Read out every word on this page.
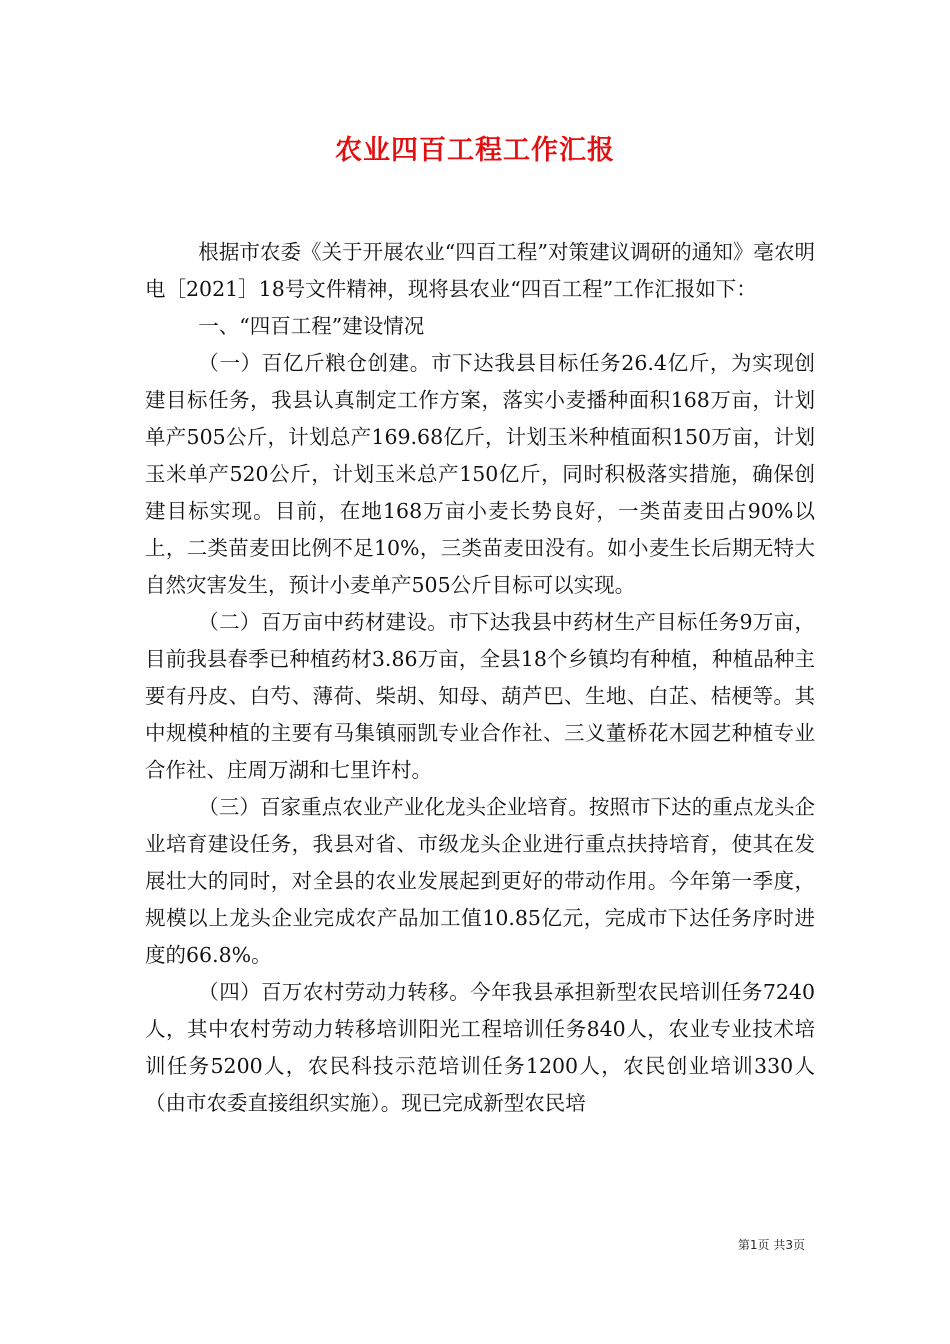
农业四百工程工作汇报

根据市农委《关于开展农业“四百工程”对策建议调研的通知》亳农明电［2021］18号文件精神，现将县农业“四百工程”工作汇报如下：

一、“四百工程”建设情况

（一）百亿斤粮仓创建。市下达我县目标任务26.4亿斤，为实现创建目标任务，我县认真制定工作方案，落实小麦播种面积168万亩，计划单产505公斤，计划总产169.68亿斤，计划玉米种植面积150万亩，计划玉米单产520公斤，计划玉米总产150亿斤，同时积极落实措施，确保创建目标实现。目前，在地168万亩小麦长势良好，一类苗麦田占90%以上，二类苗麦田比例不足10%，三类苗麦田没有。如小麦生长后期无特大自然灾害发生，预计小麦单产505公斤目标可以实现。

（二）百万亩中药材建设。市下达我县中药材生产目标任务9万亩，目前我县春季已种植药材3.86万亩，全县18个乡镇均有种植，种植品种主要有丹皮、白芍、薄荷、柴胡、知母、葫芦巴、生地、白芷、桔梗等。其中规模种植的主要有马集镇丽凯专业合作社、三义董桥花木园艺种植专业合作社、庄周万湖和七里许村。

（三）百家重点农业产业化龙头企业培育。按照市下达的重点龙头企业培育建设任务，我县对省、市级龙头企业进行重点扶持培育，使其在发展壮大的同时，对全县的农业发展起到更好的带动作用。今年第一季度，规模以上龙头企业完成农产品加工值10.85亿元，完成市下达任务序时进度的66.8%。

（四）百万农村劳动力转移。今年我县承担新型农民培训任务7240人，其中农村劳动力转移培训阳光工程培训任务840人，农业专业技术培训任务5200人，农民科技示范培训任务1200人，农民创业培训330人（由市农委直接组织实施）。现已完成新型农民培

第1页 共3页
